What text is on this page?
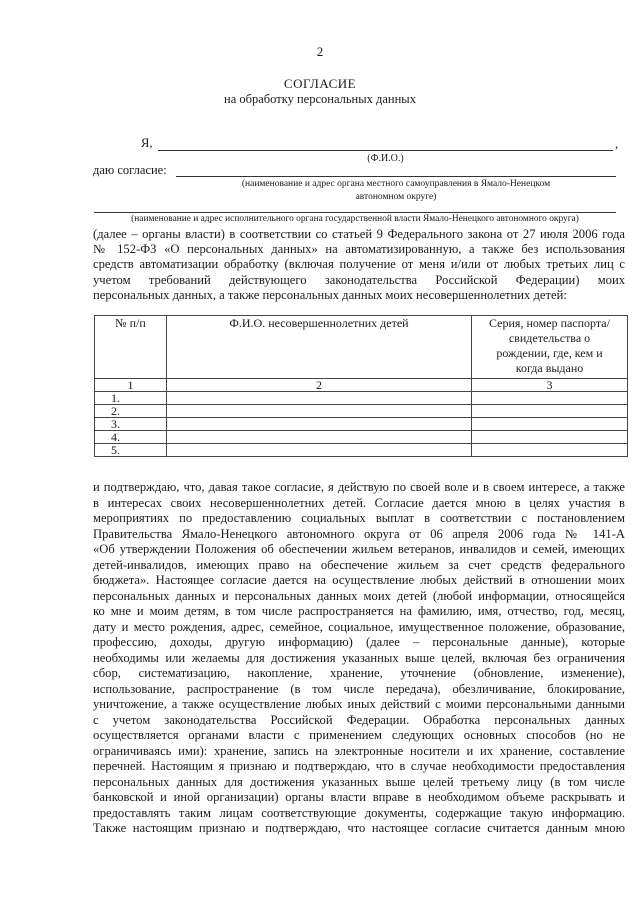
2
СОГЛАСИЕ
на обработку персональных данных
Я,	,
(Ф.И.О.)
даю согласие:
(наименование и адрес органа местного самоуправления в Ямало-Ненецком
автономном округе)
(наименование и адрес исполнительного органа государственной власти Ямало-Ненецкого автономного округа)
(далее – органы власти) в соответствии со статьей 9 Федерального закона от 27 июля 2006 года
№ 152-ФЗ «О персональных данных» на автоматизированную, а также без использования
средств автоматизации обработку (включая получение от меня и/или от любых третьих лиц с
учетом требований действующего законодательства Российской Федерации) моих
персональных данных, а также персональных данных моих несовершеннолетних детей:
№ п/п	Ф.И.О. несовершеннолетних детей	Серия, номер паспорта/свидетельства о рождении, где, кем и когда выдано
1	2	3
1.		
2.		
3.		
4.		
5.		
и подтверждаю, что, давая такое согласие, я действую по своей воле и в своем интересе, а также
в интересах своих несовершеннолетних детей. Согласие дается мною в целях участия в
мероприятиях по предоставлению социальных выплат в соответствии с постановлением
Правительства Ямало-Ненецкого автономного округа от 06 апреля 2006 года № 141-А
«Об утверждении Положения об обеспечении жильем ветеранов, инвалидов и семей, имеющих
детей-инвалидов, имеющих право на обеспечение жильем за счет средств федерального
бюджета». Настоящее согласие дается на осуществление любых действий в отношении моих
персональных данных и персональных данных моих детей (любой информации, относящейся
ко мне и моим детям, в том числе распространяется на фамилию, имя, отчество, год, месяц,
дату и место рождения, адрес, семейное, социальное, имущественное положение, образование,
профессию, доходы, другую информацию) (далее – персональные данные), которые
необходимы или желаемы для достижения указанных выше целей, включая без ограничения
сбор, систематизацию, накопление, хранение, уточнение (обновление, изменение),
использование, распространение (в том числе передача), обезличивание, блокирование,
уничтожение, а также осуществление любых иных действий с моими персональными данными
с учетом законодательства Российской Федерации. Обработка персональных данных
осуществляется органами власти с применением следующих основных способов (но не
ограничиваясь ими): хранение, запись на электронные носители и их хранение, составление
перечней. Настоящим я признаю и подтверждаю, что в случае необходимости предоставления
персональных данных для достижения указанных выше целей третьему лицу (в том числе
банковской и иной организации) органы власти вправе в необходимом объеме раскрывать и
предоставлять таким лицам соответствующие документы, содержащие такую информацию.
Также настоящим признаю и подтверждаю, что настоящее согласие считается данным мною
